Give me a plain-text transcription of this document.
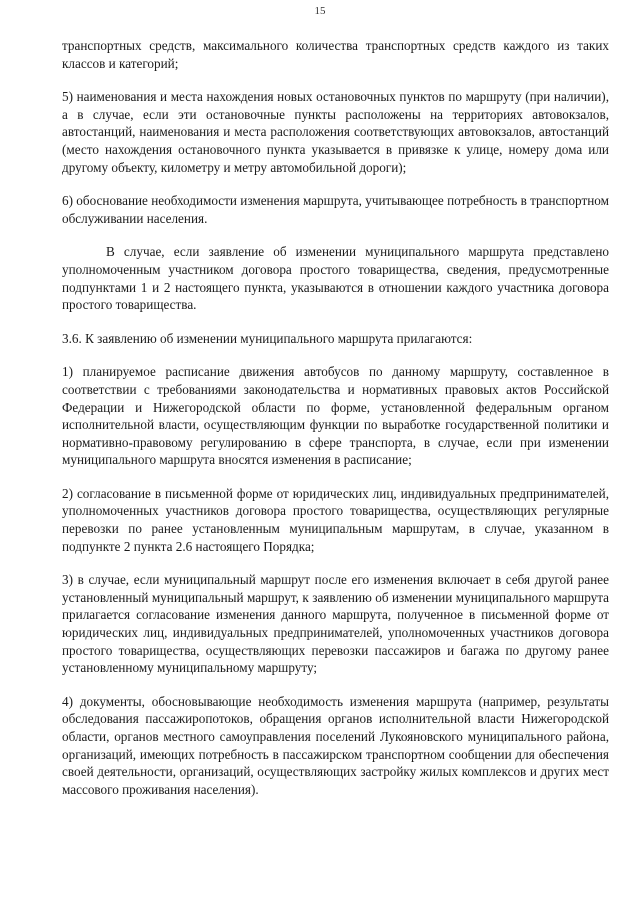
15

транспортных средств, максимального количества транспортных средств каждого из таких классов и категорий;

5) наименования и места нахождения новых остановочных пунктов по маршруту (при наличии), а в случае, если эти остановочные пункты расположены на территориях автовокзалов, автостанций, наименования и места расположения соответствующих автовокзалов, автостанций (место нахождения остановочного пункта указывается в привязке к улице, номеру дома или другому объекту, километру и метру автомобильной дороги);

6) обоснование необходимости изменения маршрута, учитывающее потребность в транспортном обслуживании населения.

В случае, если заявление об изменении муниципального маршрута представлено уполномоченным участником договора простого товарищества, сведения, предусмотренные подпунктами 1 и 2 настоящего пункта, указываются в отношении каждого участника договора простого товарищества.

3.6. К заявлению об изменении муниципального маршрута прилагаются:

1) планируемое расписание движения автобусов по данному маршруту, составленное в соответствии с требованиями законодательства и нормативных правовых актов Российской Федерации и Нижегородской области по форме, установленной федеральным органом исполнительной власти, осуществляющим функции по выработке государственной политики и нормативно-правовому регулированию в сфере транспорта, в случае, если при изменении муниципального маршрута вносятся изменения в расписание;

2) согласование в письменной форме от юридических лиц, индивидуальных предпринимателей, уполномоченных участников договора простого товарищества, осуществляющих регулярные перевозки по ранее установленным муниципальным маршрутам, в случае, указанном в подпункте 2 пункта 2.6 настоящего Порядка;

3) в случае, если муниципальный маршрут после его изменения включает в себя другой ранее установленный муниципальный маршрут, к заявлению об изменении муниципального маршрута прилагается согласование изменения данного маршрута, полученное в письменной форме от юридических лиц, индивидуальных предпринимателей, уполномоченных участников договора простого товарищества, осуществляющих перевозки пассажиров и багажа по другому ранее установленному муниципальному маршруту;

4) документы, обосновывающие необходимость изменения маршрута (например, результаты обследования пассажиропотоков, обращения органов исполнительной власти Нижегородской области, органов местного самоуправления поселений Лукояновского муниципального района, организаций, имеющих потребность в пассажирском транспортном сообщении для обеспечения своей деятельности, организаций, осуществляющих застройку жилых комплексов и других мест массового проживания населения).
